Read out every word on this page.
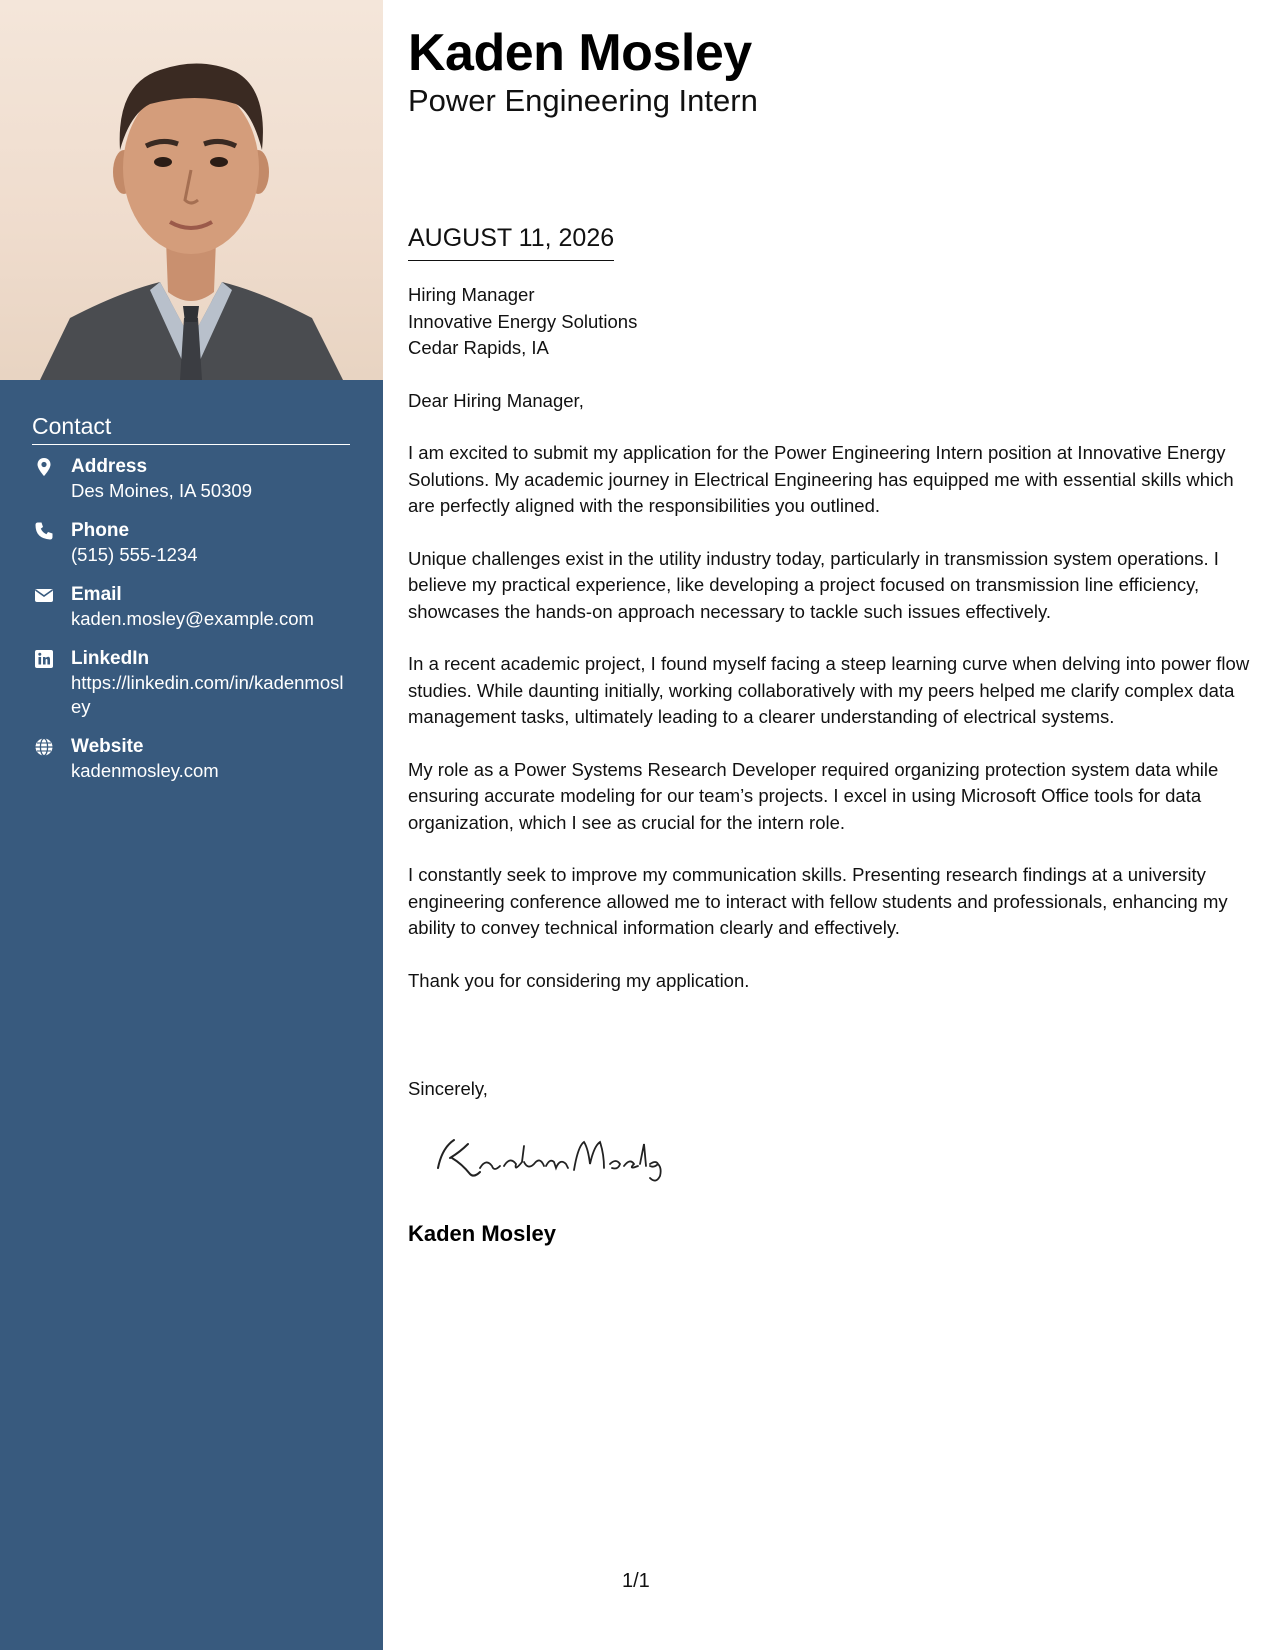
Contact
Address
Des Moines, IA 50309
Phone
(515) 555-1234
Email
kaden.mosley@example.com
LinkedIn
https://linkedin.com/in/kadenmosley
Website
kadenmosley.com
Kaden Mosley
Power Engineering Intern
AUGUST 11, 2026
Hiring Manager
Innovative Energy Solutions
Cedar Rapids, IA
Dear Hiring Manager,
I am excited to submit my application for the Power Engineering Intern position at Innovative Energy Solutions. My academic journey in Electrical Engineering has equipped me with essential skills which are perfectly aligned with the responsibilities you outlined.
Unique challenges exist in the utility industry today, particularly in transmission system operations. I believe my practical experience, like developing a project focused on transmission line efficiency, showcases the hands-on approach necessary to tackle such issues effectively.
In a recent academic project, I found myself facing a steep learning curve when delving into power flow studies. While daunting initially, working collaboratively with my peers helped me clarify complex data management tasks, ultimately leading to a clearer understanding of electrical systems.
My role as a Power Systems Research Developer required organizing protection system data while ensuring accurate modeling for our team’s projects. I excel in using Microsoft Office tools for data organization, which I see as crucial for the intern role.
I constantly seek to improve my communication skills. Presenting research findings at a university engineering conference allowed me to interact with fellow students and professionals, enhancing my ability to convey technical information clearly and effectively.
Thank you for considering my application.
Sincerely,
Kaden Mosley
1/1
